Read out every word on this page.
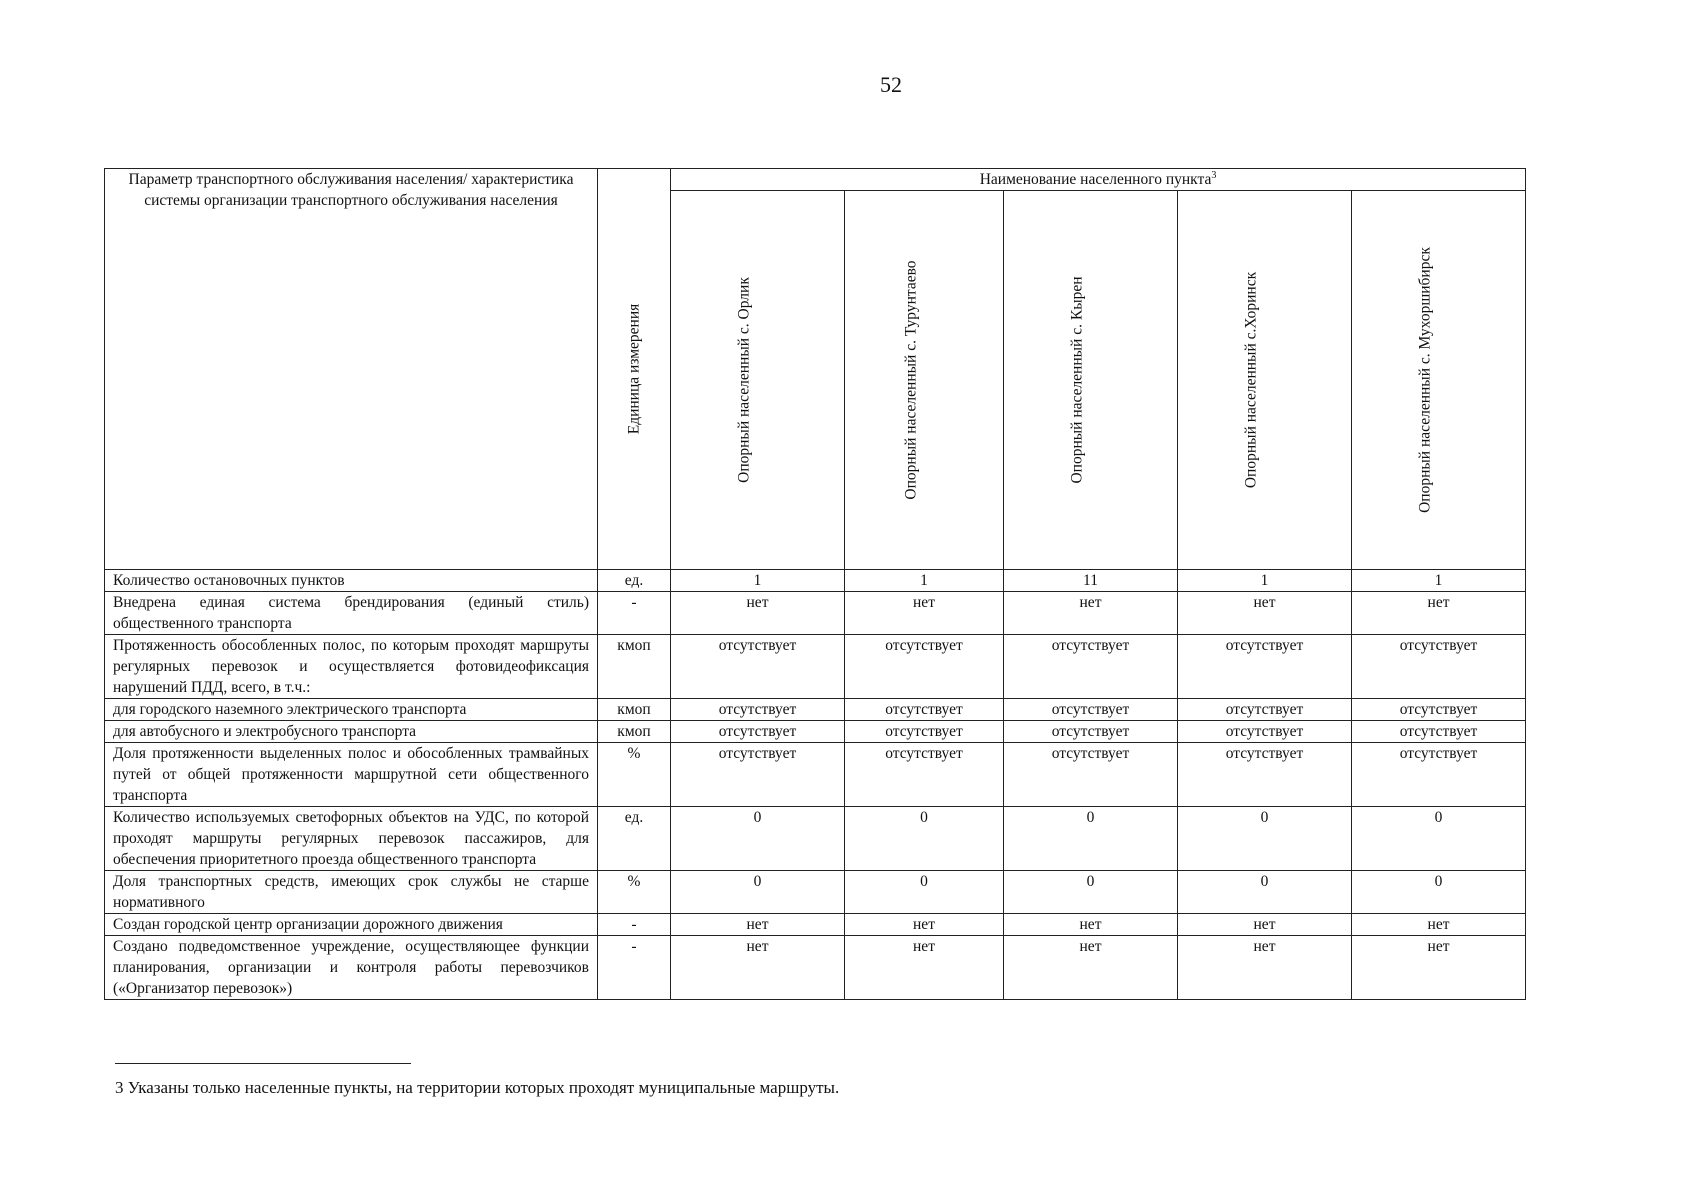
52
Параметр транспортного обслуживания населения/ характеристика системы организации транспортного обслуживания населения	Единица измерения	Наименование населенного пункта$^3$

		Опорный населенный с. Орлик	Опорный населенный с. Турунтаево	Опорный населенный с. Кырен	Опорный населенный с.Хоринск	Опорный населенный с. Мухоршибирск

Количество остановочных пунктов	ед.	1	1	11	1	1
Внедрена единая система брендирования (единый стиль) общественного транспорта	-	нет	нет	нет	нет	нет
Протяженность обособленных полос, по которым проходят маршруты регулярных перевозок и осуществляется фотовидеофиксация нарушений ПДД, всего, в т.ч.:	кмоп	отсутствует	отсутствует	отсутствует	отсутствует	отсутствует
для городского наземного электрического транспорта	кмоп	отсутствует	отсутствует	отсутствует	отсутствует	отсутствует
для автобусного и электробусного транспорта	кмоп	отсутствует	отсутствует	отсутствует	отсутствует	отсутствует
Доля протяженности выделенных полос и обособленных трамвайных путей от общей протяженности маршрутной сети общественного транспорта	%	отсутствует	отсутствует	отсутствует	отсутствует	отсутствует
Количество используемых светофорных объектов на УДС, по которой проходят маршруты регулярных перевозок пассажиров, для обеспечения приоритетного проезда общественного транспорта	ед.	0	0	0	0	0
Доля транспортных средств, имеющих срок службы не старше нормативного	%	0	0	0	0	0
Создан городской центр организации дорожного движения	-	нет	нет	нет	нет	нет
Создано подведомственное учреждение, осуществляющее функции планирования, организации и контроля работы перевозчиков («Организатор перевозок»)	-	нет	нет	нет	нет	нет
3 Указаны только населенные пункты, на территории которых проходят муниципальные маршруты.
